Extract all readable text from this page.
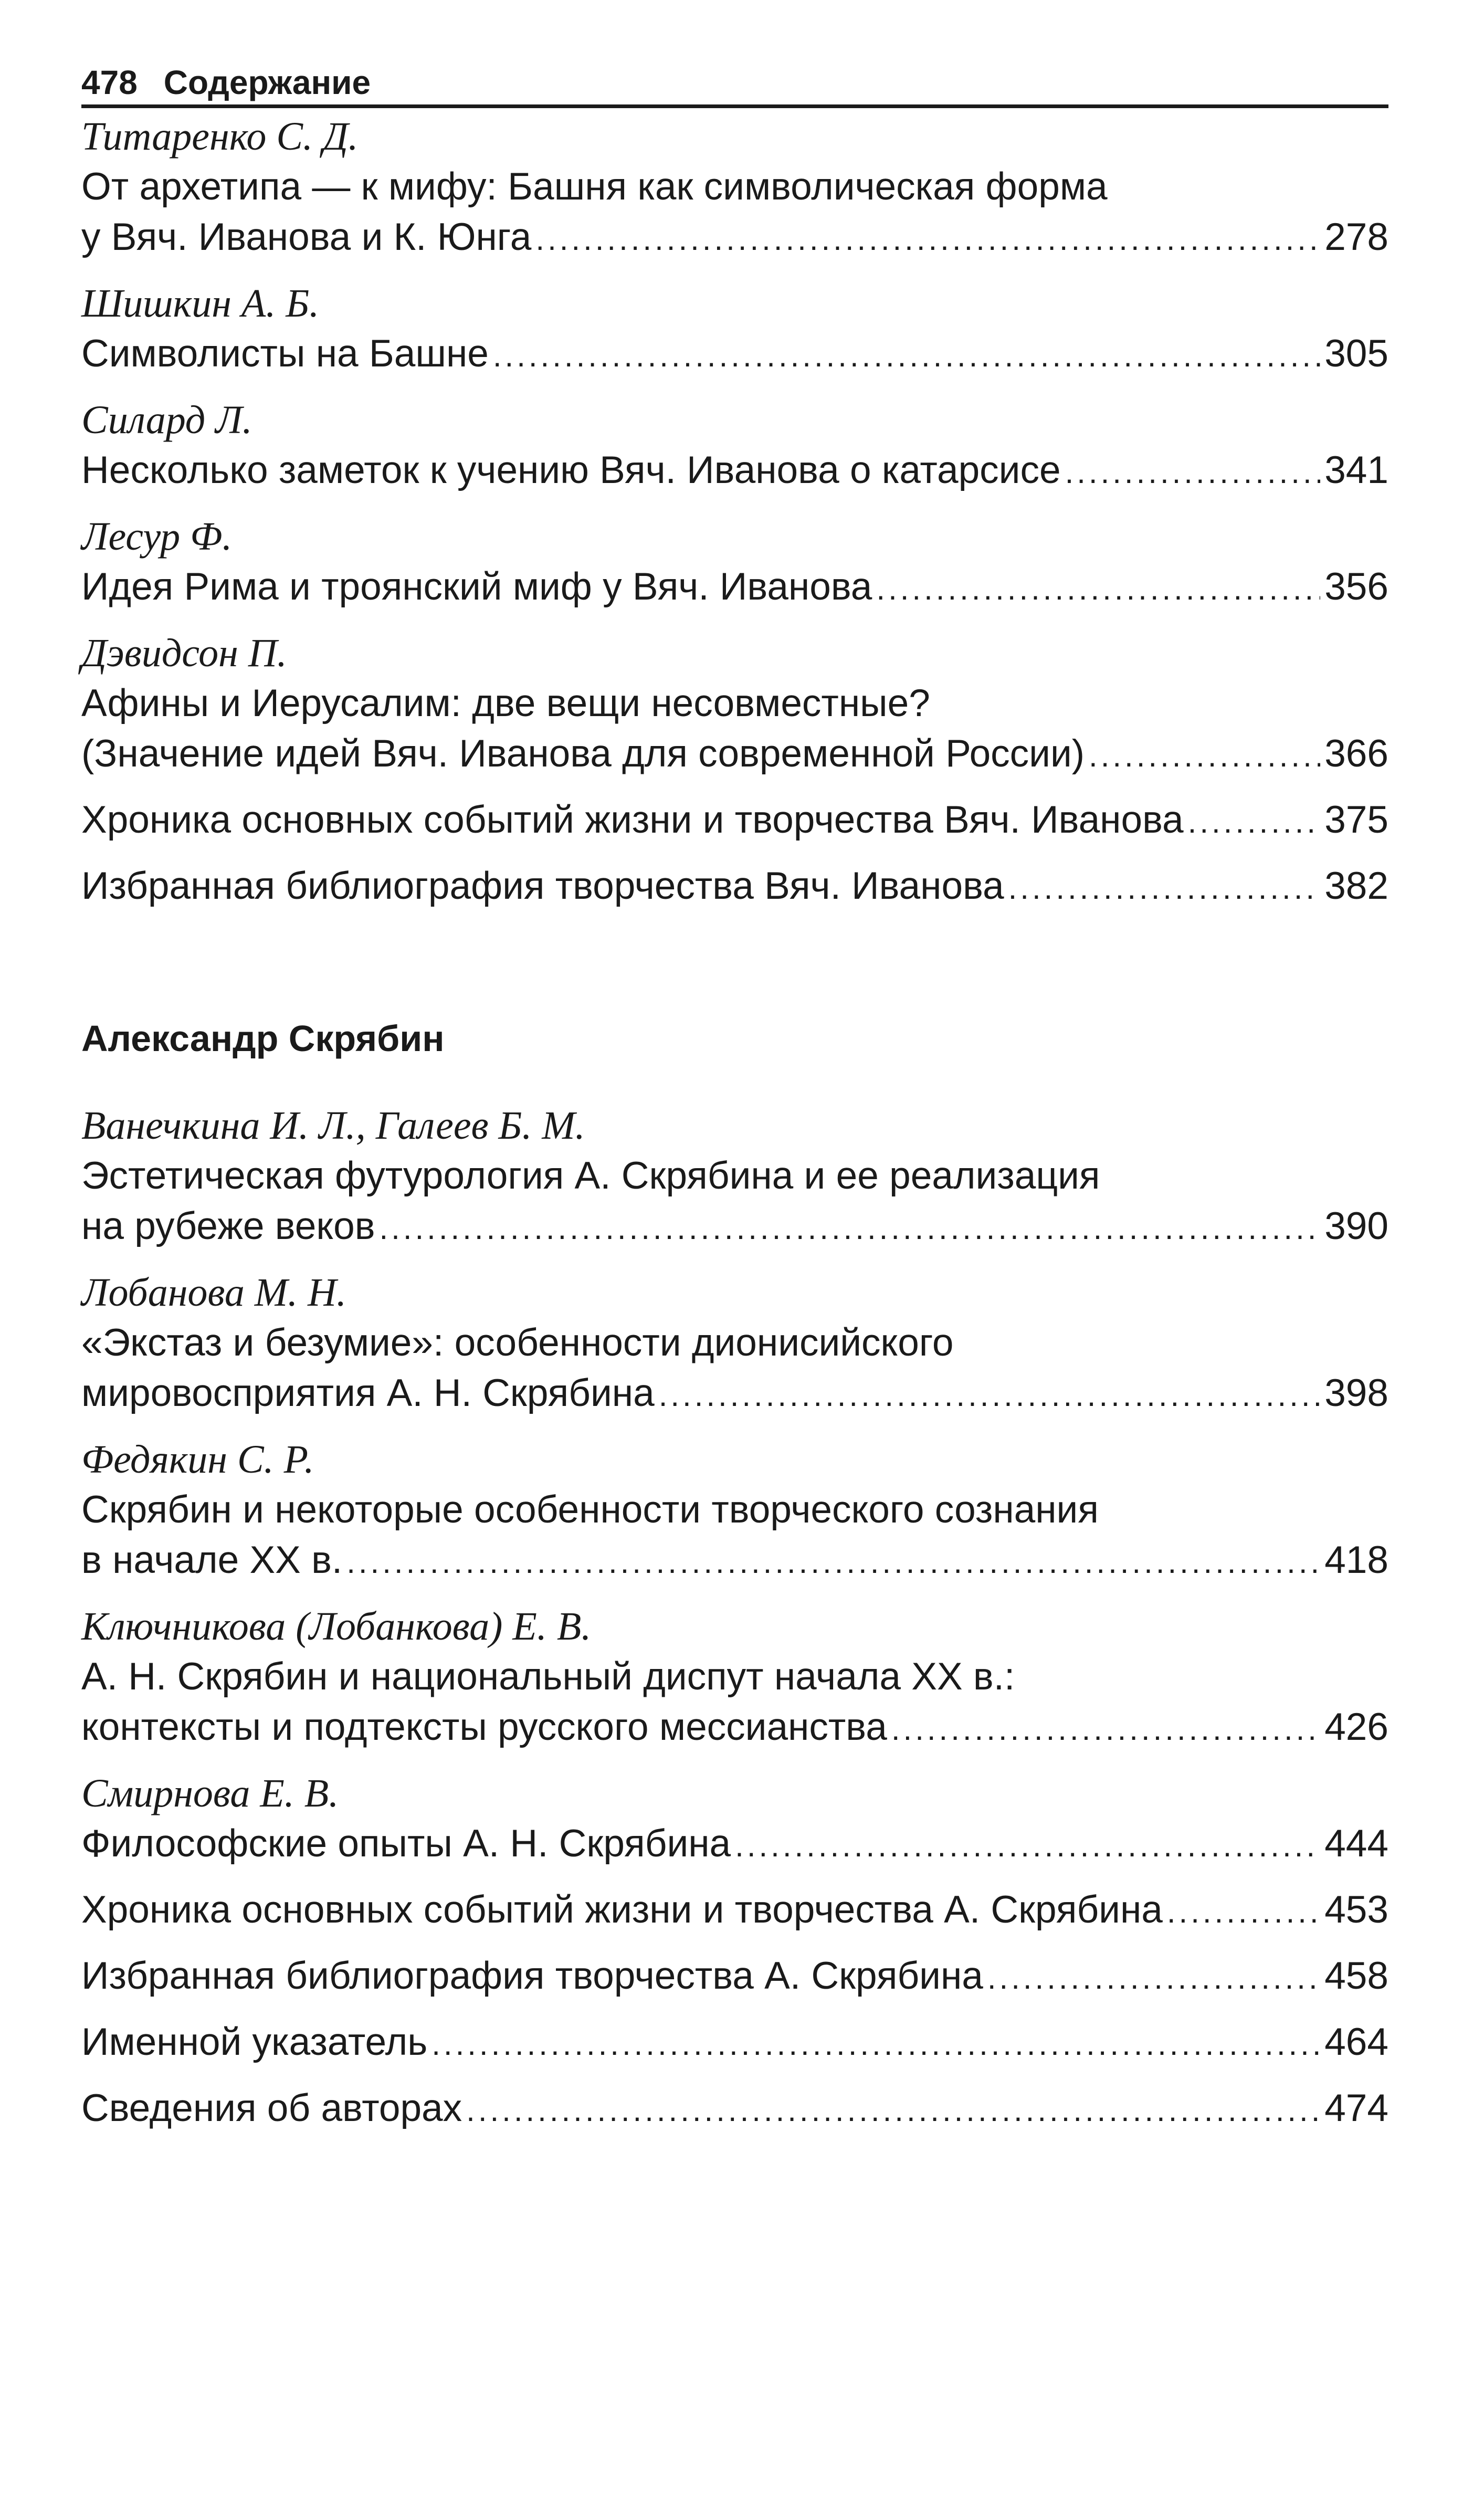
478 Содержание
Титаренко С. Д.
От архетипа — к мифу: Башня как символическая форма
у Вяч. Иванова и К. Юнга .....	278
Шишкин А. Б.
Символисты на Башне .....	305
Силард Л.
Несколько заметок к учению Вяч. Иванова о катарсисе .....	341
Лесур Ф.
Идея Рима и троянский миф у Вяч. Иванова .....	356
Дэвидсон П.
Афины и Иерусалим: две вещи несовместные?
(Значение идей Вяч. Иванова для современной России) .....	366
Хроника основных событий жизни и творчества Вяч. Иванова .....	375
Избранная библиография творчества Вяч. Иванова .....	382
Александр Скрябин
Ванечкина И. Л., Галеев Б. М.
Эстетическая футурология А. Скрябина и ее реализация
на рубеже веков .....	390
Лобанова М. Н.
«Экстаз и безумие»: особенности дионисийского
мировосприятия А. Н. Скрябина .....	398
Федякин С. Р.
Скрябин и некоторые особенности творческого сознания
в начале XX в. .....	418
Ключникова (Лобанкова) Е. В.
А. Н. Скрябин и национальный диспут начала XX в.:
контексты и подтексты русского мессианства .....	426
Смирнова Е. В.
Философские опыты А. Н. Скрябина .....	444
Хроника основных событий жизни и творчества А. Скрябина .....	453
Избранная библиография творчества А. Скрябина .....	458
Именной указатель .....	464
Сведения об авторах .....	474
